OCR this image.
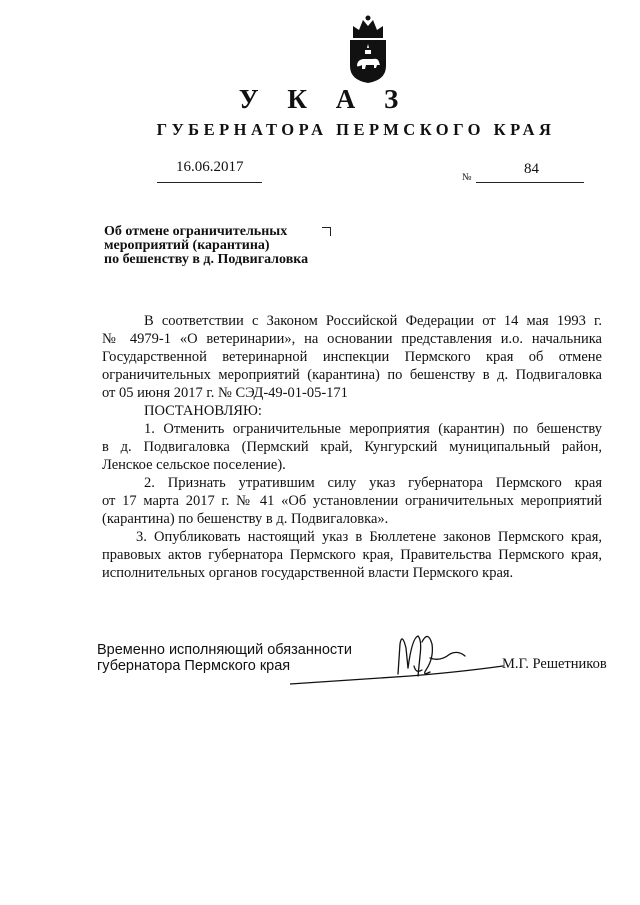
У К А З
ГУБЕРНАТОРА ПЕРМСКОГО КРАЯ
16.06.2017
№
84
Об отмене ограничительных
мероприятий (карантина)
по бешенству в д. Подвигаловка
В соответствии с Законом Российской Федерации от 14 мая 1993 г.
№ 4979-1 «О ветеринарии», на основании представления и.о. начальника
Государственной ветеринарной инспекции Пермского края об отмене
ограничительных мероприятий (карантина) по бешенству в д. Подвигаловка
от 05 июня 2017 г. № СЭД-49-01-05-171
ПОСТАНОВЛЯЮ:
1. Отменить ограничительные мероприятия (карантин) по бешенству
в д. Подвигаловка (Пермский край, Кунгурский муниципальный район,
Ленское сельское поселение).
2. Признать утратившим силу указ губернатора Пермского края
от 17 марта 2017 г. № 41 «Об установлении ограничительных мероприятий
(карантина) по бешенству в д. Подвигаловка».
3. Опубликовать настоящий указ в Бюллетене законов Пермского края,
правовых актов губернатора Пермского края, Правительства Пермского края,
исполнительных органов государственной власти Пермского края.
Временно исполняющий обязанности
губернатора Пермского края	М.Г. Решетников
